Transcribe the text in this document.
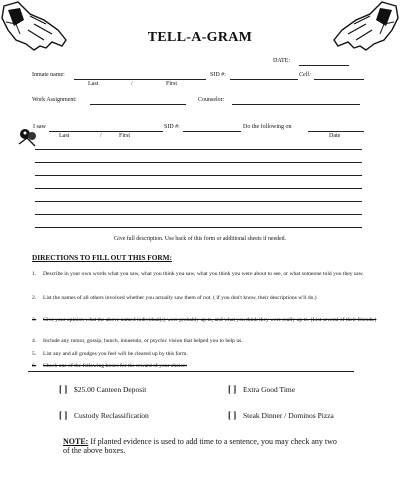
TELL-A-GRAM
DATE:
Inmate name:	SID #:	Cell:
Last	/	First
Work Assignment:	Counselor:
I saw	SID #:	Do the following on
Last	/	First	Date
Give full description. Use back of this form or additional sheets if needed.
DIRECTIONS TO FILL OUT THIS FORM:
1. Describe in your own words what you saw, what you think you saw, what you think you were about to see, or what someone told you they saw.
2. List the names of all others involved whether you actually saw them of not. ( if you don't know, their descriptions w'll do.)
3. Give your opinion what the above named individual(s) were probably up to, and what you think they were really up to. (List several of their friends.)
4. Include any rumor, gossip, hunch, innuendo, or psychic vision that helped you to help us.
5. List any and all grudges you feel will be cleared up by this form.
6. Check one of the following boxes for the reward of your choice:
[ ] $25.00 Canteen Deposit	[ ] Extra Good Time
[ ] Custody Reclassification	[ ] Steak Dinner / Dominos Pizza
NOTE: If planted evidence is used to add time to a sentence, you may check any two of the above boxes.
